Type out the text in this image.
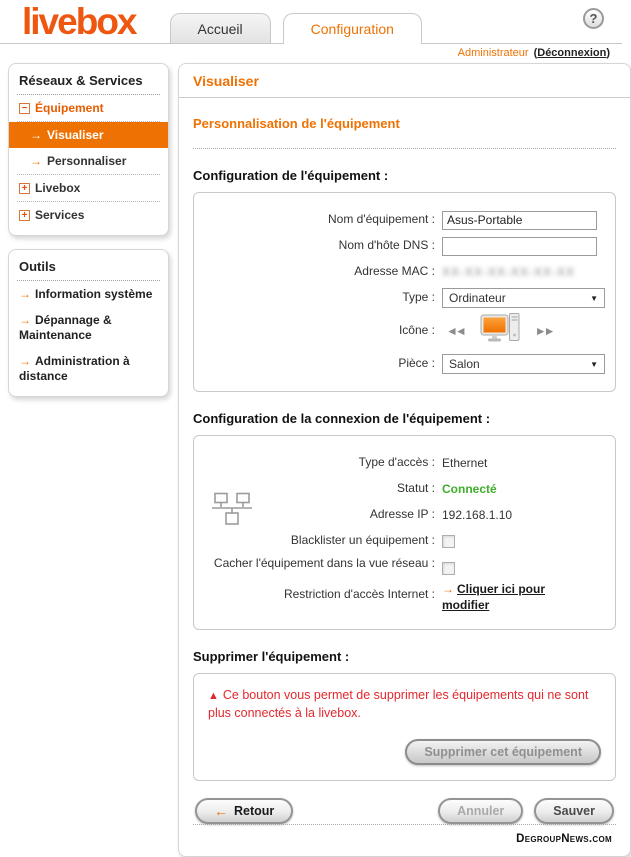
livebox	Accueil	Configuration
?
Administrateur (Déconnexion)
Réseaux & Services
− Équipement
→ Visualiser
→ Personnaliser
+ Livebox
+ Services
Outils
→ Information système
→ Dépannage & Maintenance
→ Administration à distance
Visualiser
Personnalisation de l'équipement
Configuration de l'équipement :
Nom d'équipement :
Asus-Portable
Nom d'hôte DNS :
Adresse MAC : XX-XX-XX-XX-XX-XX
Type :	Ordinateur	▼
Icône : ◄◄	►►
Pièce :	Salon	▼
Configuration de la connexion de l'équipement :
Type d'accès : Ethernet
Statut : Connecté
Adresse IP : 192.168.1.10
Blacklister un équipement :
Cacher l'équipement dans la vue réseau :
Restriction d'accès Internet : → Cliquer ici pour modifier
Supprimer l'équipement :
▲ Ce bouton vous permet de supprimer les équipements qui ne sont plus connectés à la livebox.
Supprimer cet équipement
← Retour	Annuler	Sauver
DegroupNews.com
